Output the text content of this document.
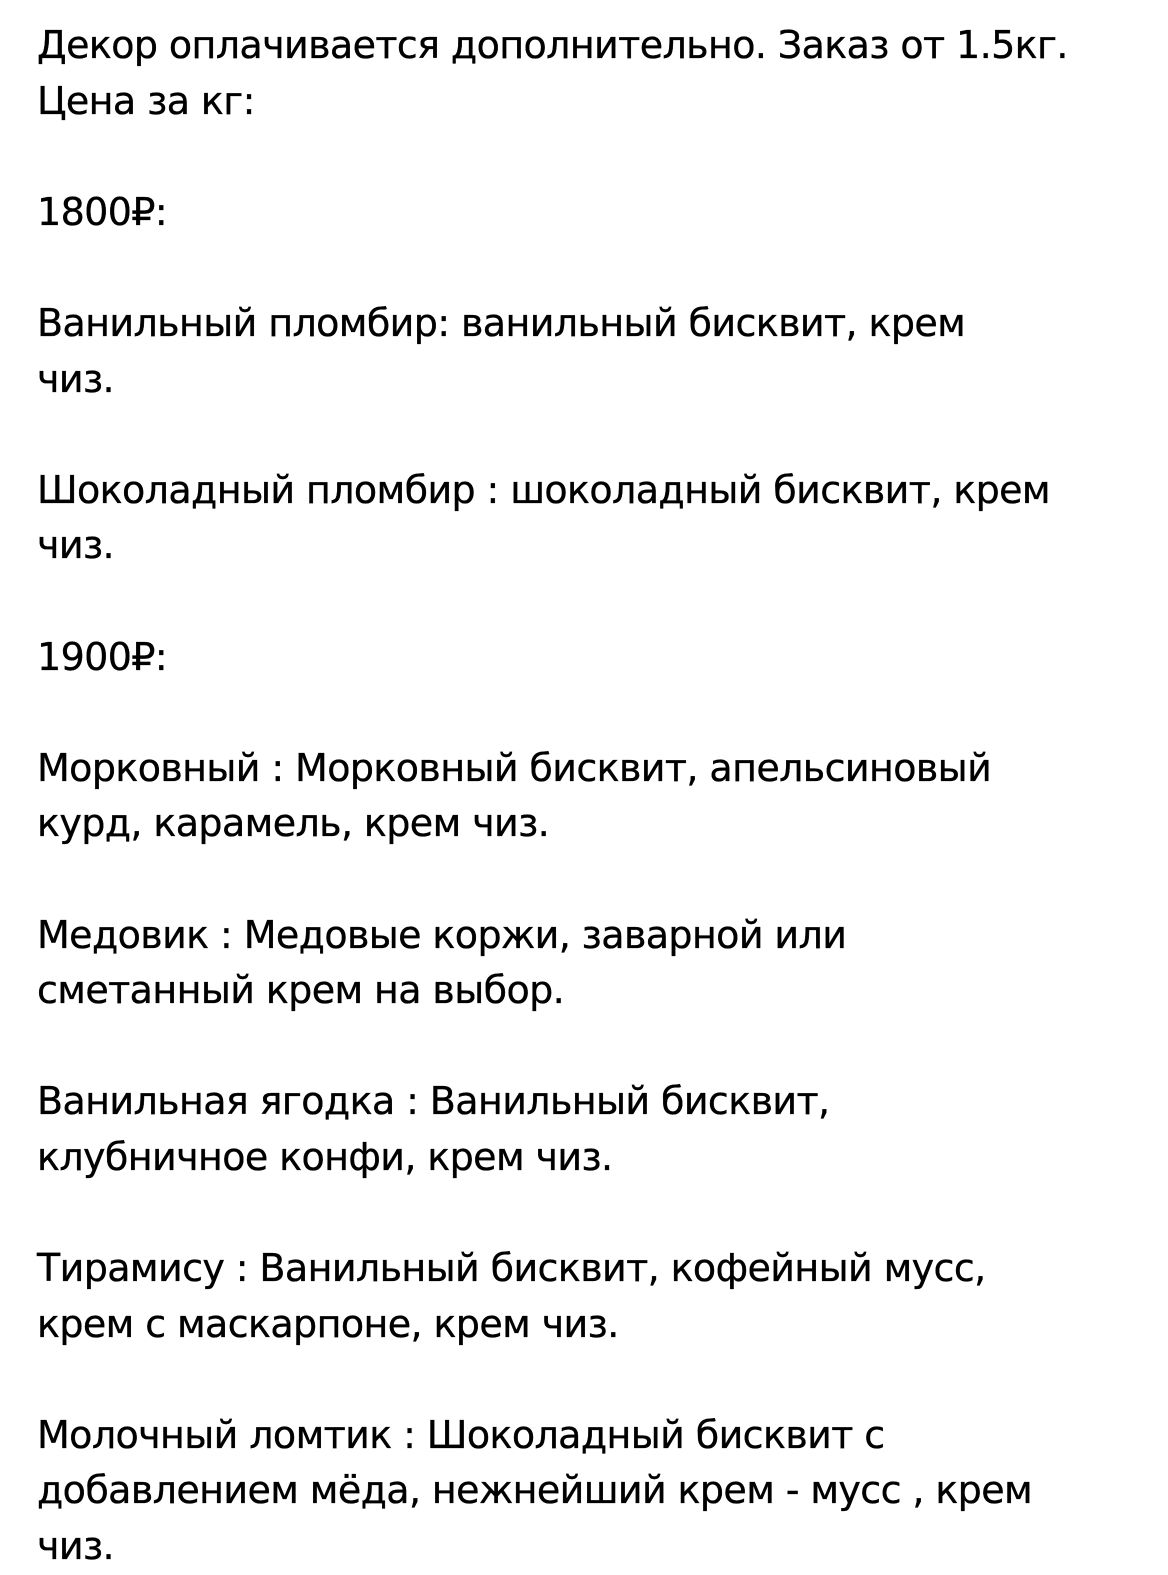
Декор оплачивается дополнительно. Заказ от 1.5кг.
Цена за кг:
1800₽:
Ванильный пломбир: ванильный бисквит, крем
чиз.
Шоколадный пломбир : шоколадный бисквит, крем
чиз.
1900₽:
Морковный : Морковный бисквит, апельсиновый
курд, карамель, крем чиз.
Медовик : Медовые коржи, заварной или
сметанный крем на выбор.
Ванильная ягодка : Ванильный бисквит,
клубничное конфи, крем чиз.
Тирамису : Ванильный бисквит, кофейный мусс,
крем с маскарпоне, крем чиз.
Молочный ломтик : Шоколадный бисквит с
добавлением мёда, нежнейший крем - мусс , крем
чиз.
